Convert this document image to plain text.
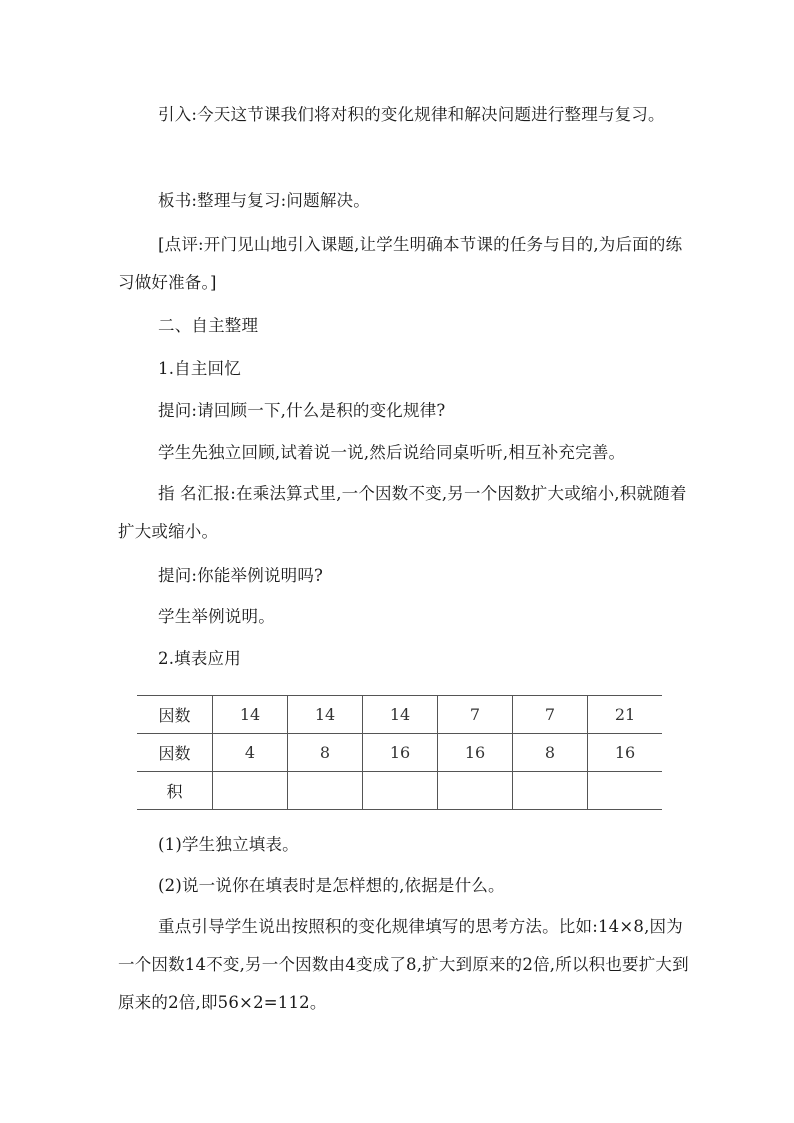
引入:今天这节课我们将对积的变化规律和解决问题进行整理与复习。

板书:整理与复习:问题解决。

[点评:开门见山地引入课题,让学生明确本节课的任务与目的,为后面的练习做好准备。]

二、自主整理

1.自主回忆

提问:请回顾一下,什么是积的变化规律?

学生先独立回顾,试着说一说,然后说给同桌听听,相互补充完善。

指 名汇报:在乘法算式里,一个因数不变,另一个因数扩大或缩小,积就随着扩大或缩小。

提问:你能举例说明吗?

学生举例说明。

2.填表应用

因数	14	14	14	7	7	21
因数	4	8	16	16	8	16
积						

(1)学生独立填表。

(2)说一说你在填表时是怎样想的,依据是什么。

重点引导学生说出按照积的变化规律填写的思考方法。比如:14×8,因为一个因数14不变,另一个因数由4变成了8,扩大到原来的2倍,所以积也要扩大到原来的2倍,即56×2=112。
